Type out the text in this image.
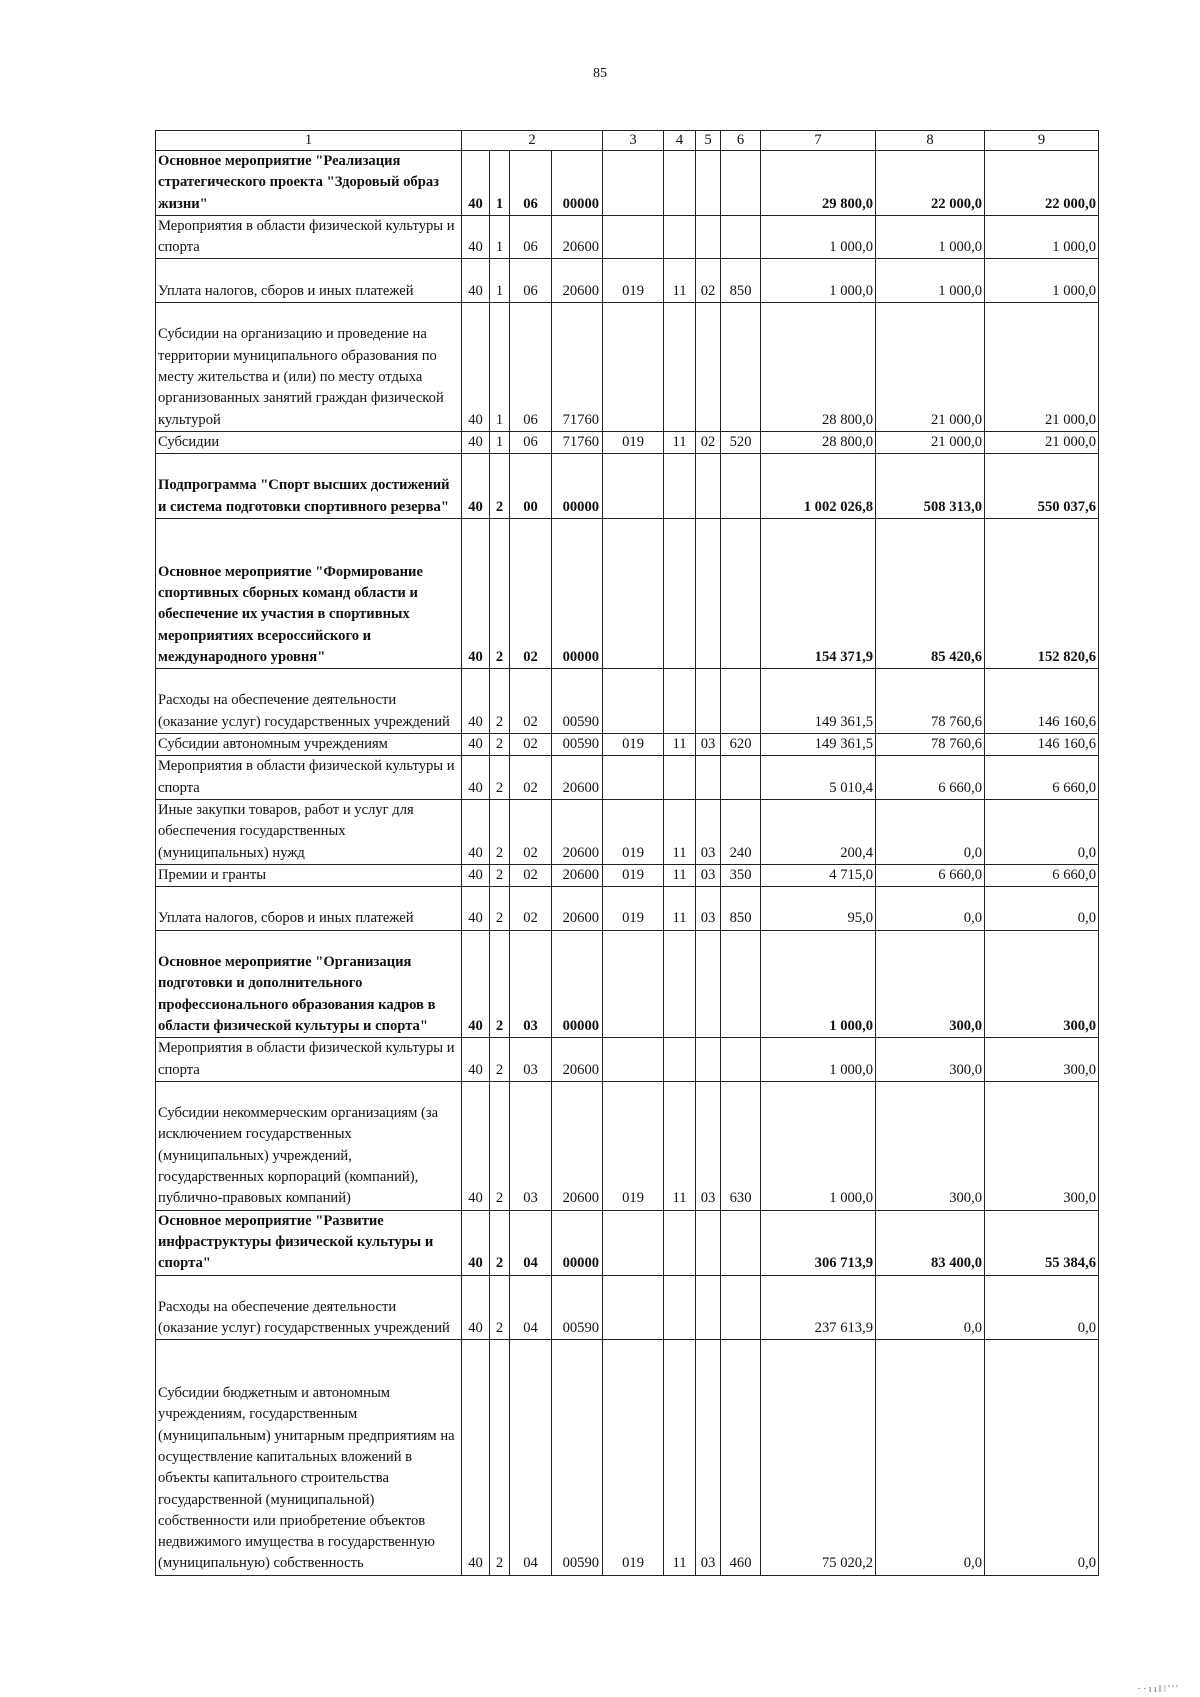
85
1	2				3	4	5	6	7	8	9
Основное мероприятие "Реализация стратегического проекта "Здоровый образ жизни"	40	1	06	00000					29 800,0	22 000,0	22 000,0
Мероприятия в области физической культуры и спорта	40	1	06	20600					1 000,0	1 000,0	1 000,0
Уплата налогов, сборов и иных платежей	40	1	06	20600	019	11	02	850	1 000,0	1 000,0	1 000,0
Субсидии на организацию и проведение на территории муниципального образования по месту жительства и (или) по месту отдыха организованных занятий граждан физической культурой	40	1	06	71760					28 800,0	21 000,0	21 000,0
Субсидии	40	1	06	71760	019	11	02	520	28 800,0	21 000,0	21 000,0
Подпрограмма "Спорт высших достижений и система подготовки спортивного резерва"	40	2	00	00000					1 002 026,8	508 313,0	550 037,6
Основное мероприятие "Формирование спортивных сборных команд области и обеспечение их участия в спортивных мероприятиях всероссийского и международного уровня"	40	2	02	00000					154 371,9	85 420,6	152 820,6
Расходы на обеспечение деятельности (оказание услуг) государственных учреждений	40	2	02	00590					149 361,5	78 760,6	146 160,6
Субсидии автономным учреждениям	40	2	02	00590	019	11	03	620	149 361,5	78 760,6	146 160,6
Мероприятия в области физической культуры и спорта	40	2	02	20600					5 010,4	6 660,0	6 660,0
Иные закупки товаров, работ и услуг для обеспечения государственных (муниципальных) нужд	40	2	02	20600	019	11	03	240	200,4	0,0	0,0
Премии и гранты	40	2	02	20600	019	11	03	350	4 715,0	6 660,0	6 660,0
Уплата налогов, сборов и иных платежей	40	2	02	20600	019	11	03	850	95,0	0,0	0,0
Основное мероприятие "Организация подготовки и дополнительного профессионального образования кадров в области физической культуры и спорта"	40	2	03	00000					1 000,0	300,0	300,0
Мероприятия в области физической культуры и спорта	40	2	03	20600					1 000,0	300,0	300,0
Субсидии некоммерческим организациям (за исключением государственных (муниципальных) учреждений, государственных корпораций (компаний), публично-правовых компаний)	40	2	03	20600	019	11	03	630	1 000,0	300,0	300,0
Основное мероприятие "Развитие инфраструктуры физической культуры и спорта"	40	2	04	00000					306 713,9	83 400,0	55 384,6
Расходы на обеспечение деятельности (оказание услуг) государственных учреждений	40	2	04	00590					237 613,9	0,0	0,0
Субсидии бюджетным и автономным учреждениям, государственным (муниципальным) унитарным предприятиям на осуществление капитальных вложений в объекты капитального строительства государственной (муниципальной) собственности или приобретение объектов недвижимого имущества в государственную (муниципальную) собственность	40	2	04	00590	019	11	03	460	75 020,2	0,0	0,0
··ıı‖ǀ'''
